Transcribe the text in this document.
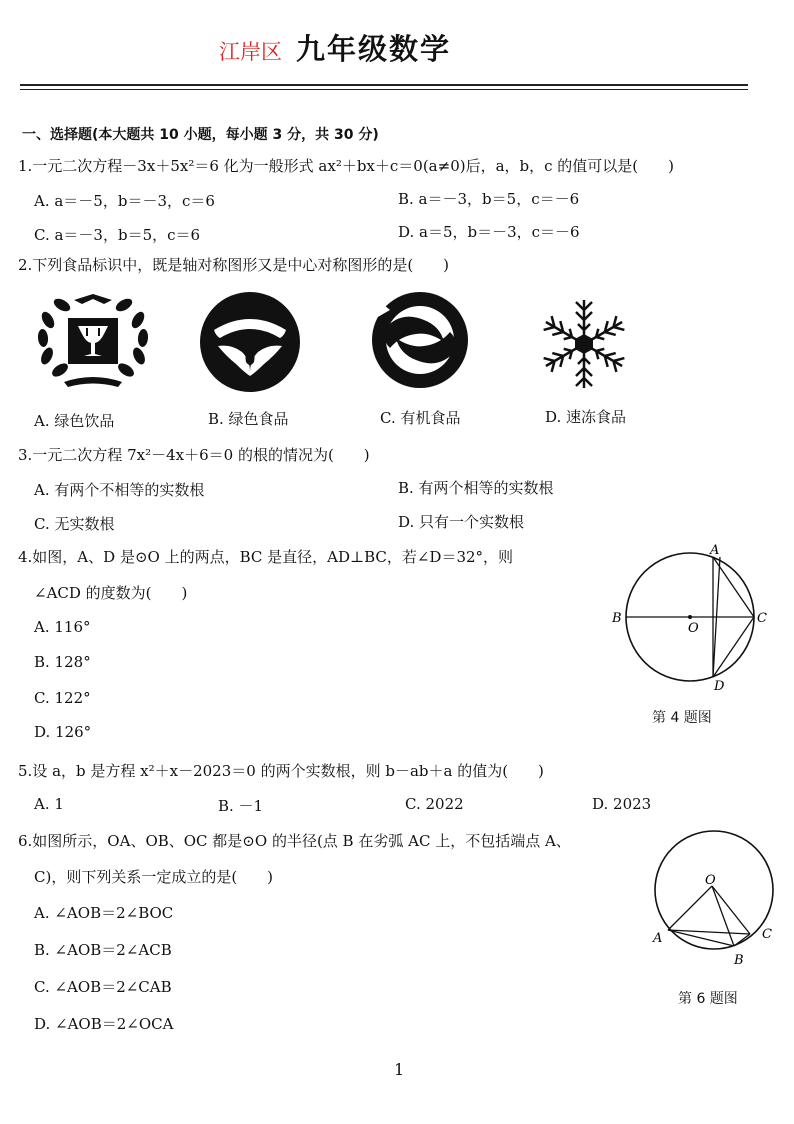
江岸区 九年级数学
一、选择题(本大题共 10 小题，每小题 3 分，共 30 分)
1.一元二次方程－3x＋5x²＝6 化为一般形式 ax²＋bx＋c＝0(a≠0)后，a，b，c 的值可以是(　　)
A. a＝－5，b＝－3，c＝6	B. a＝－3，b＝5，c＝－6
C. a＝－3，b＝5，c＝6	D. a＝5，b＝－3，c＝－6
2.下列食品标识中，既是轴对称图形又是中心对称图形的是(　　)
A. 绿色饮品	B. 绿色食品	C. 有机食品	D. 速冻食品
3.一元二次方程 7x²－4x＋6＝0 的根的情况为(　　)
A. 有两个不相等的实数根	B. 有两个相等的实数根
C. 无实数根	D. 只有一个实数根
4.如图，A、D 是⊙O 上的两点，BC 是直径，AD⊥BC，若∠D＝32°，则
∠ACD 的度数为(　　)
A. 116°
B. 128°
C. 122°
D. 126°
A
B	C
D
O
第 4 题图
5.设 a，b 是方程 x²＋x－2023＝0 的两个实数根，则 b－ab＋a 的值为(　　)
A. 1	B. －1	C. 2022	D. 2023
6.如图所示，OA、OB、OC 都是⊙O 的半径(点 B 在劣弧 AC 上，不包括端点 A、
C)，则下列关系一定成立的是(　　)
A. ∠AOB＝2∠BOC
B. ∠AOB＝2∠ACB
C. ∠AOB＝2∠CAB
D. ∠AOB＝2∠OCA
O
A
B
C
第 6 题图
1
